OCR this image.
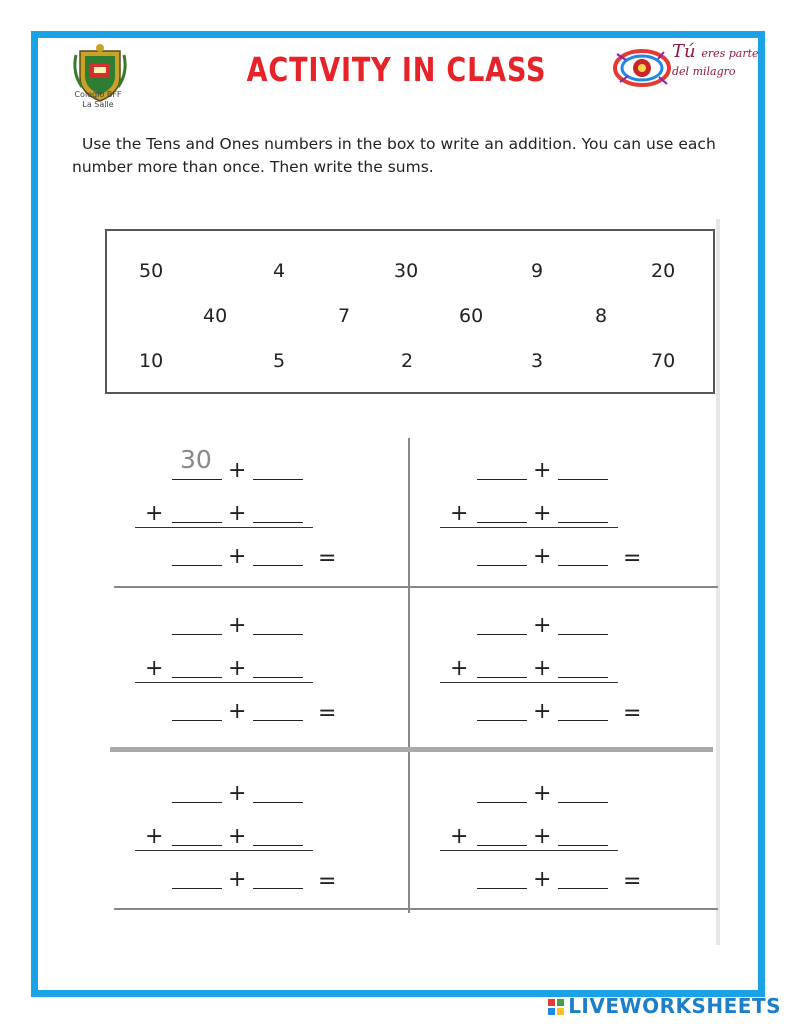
Colegio BFF
La Salle
ACTIVITY IN CLASS	Tú eres parte
del milagro
Use the Tens and Ones numbers in the box to write an addition. You can use each number more than once. Then write the sums.
50	4	30	9	20
40	7	60	8
10	5	2	3	70
30 +
+	+
+	=
+
+	+
+	=
+
+	+
+	=
+
+	+
+	=
+
+	+
+	=
+
+	+
+	=
LIVEWORKSHEETS
